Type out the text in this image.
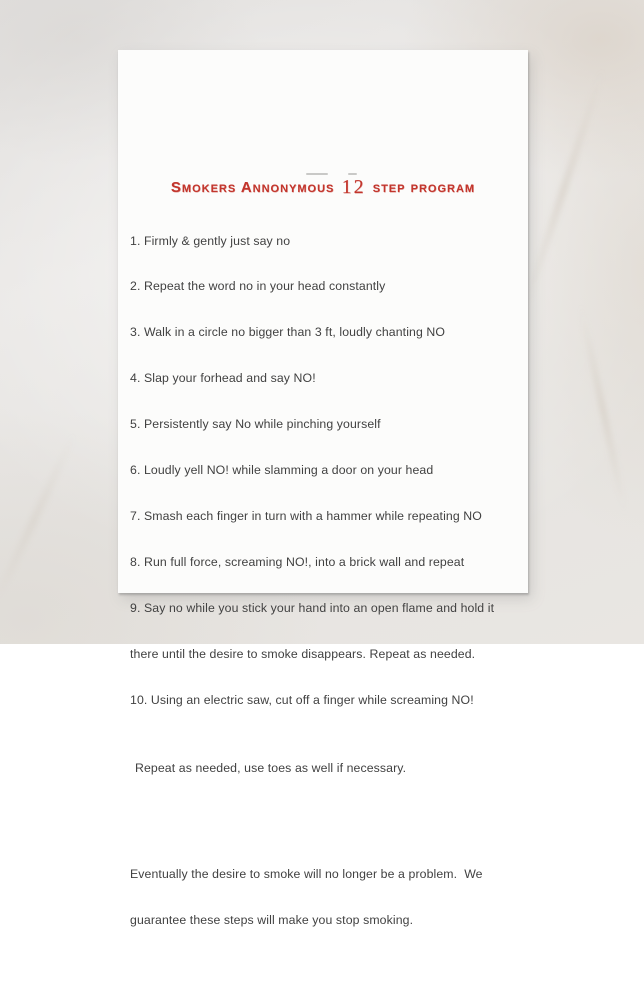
Smokers Annonymous 12 step program

1. Firmly & gently just say no

2. Repeat the word no in your head constantly

3. Walk in a circle no bigger than 3 ft, loudly chanting NO

4. Slap your forhead and say NO!

5. Persistently say No while pinching yourself

6. Loudly yell NO! while slamming a door on your head

7. Smash each finger in turn with a hammer while repeating NO

8. Run full force, screaming NO!, into a brick wall and repeat

9. Say no while you stick your hand into an open flame and hold it

there until the desire to smoke disappears. Repeat as needed.

10. Using an electric saw, cut off a finger while screaming NO!

Repeat as needed, use toes as well if necessary.

Eventually the desire to smoke will no longer be a problem.  We

guarantee these steps will make you stop smoking.
